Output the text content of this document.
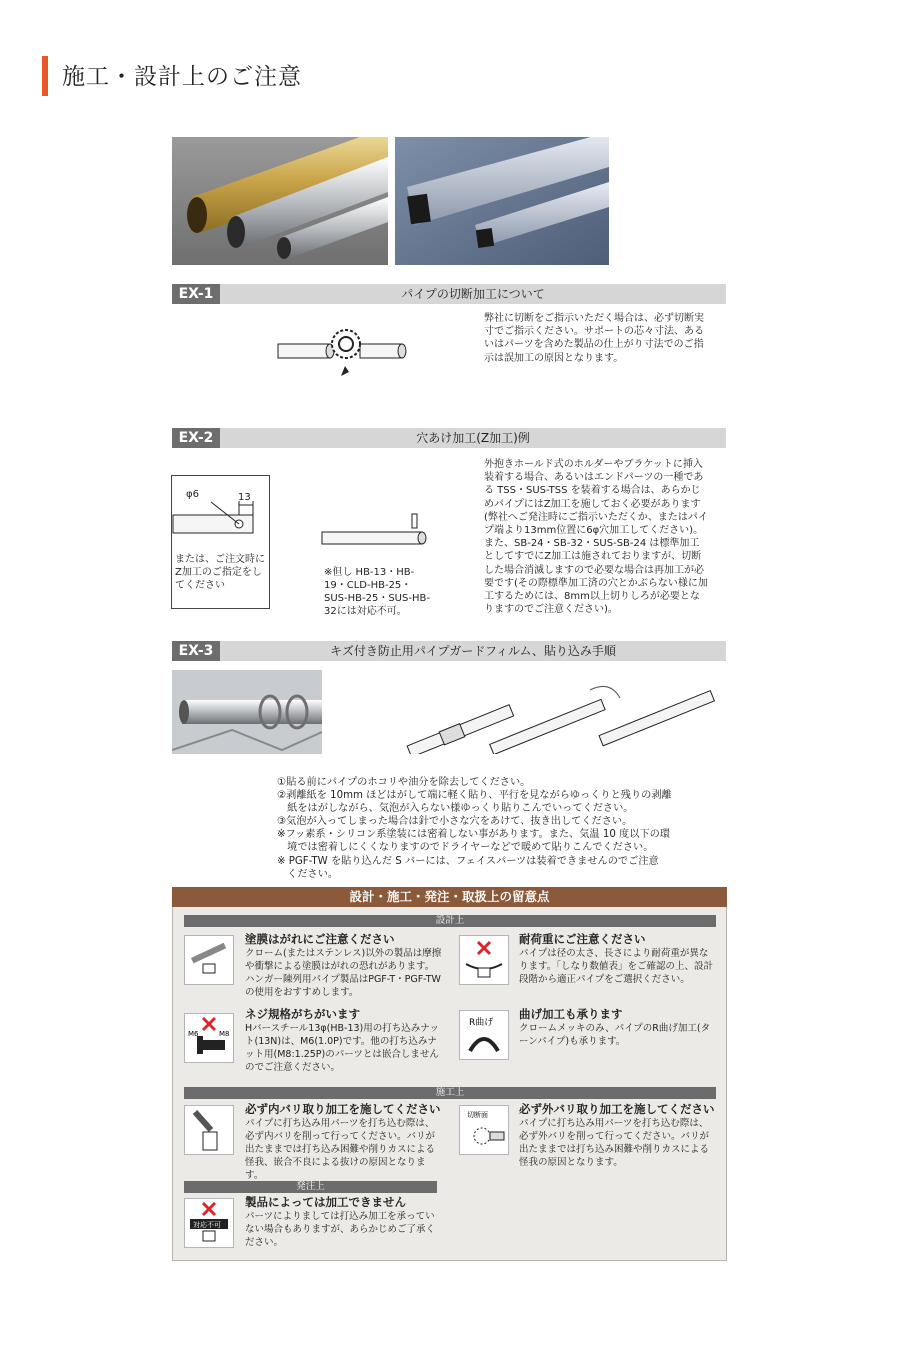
施工・設計上のご注意
EX-1	パイプの切断加工について
弊社に切断をご指示いただく場合は、必ず切断実寸でご指示ください。サポートの芯々寸法、あるいはパーツを含めた製品の仕上がり寸法でのご指示は誤加工の原因となります。
EX-2	穴あけ加工(Z加工)例
φ6	13
または、ご注文時にZ加工のご指定をしてください
※但し HB-13・HB-19・CLD-HB-25・SUS-HB-25・SUS-HB-32には対応不可。
外抱きホールド式のホルダーやブラケットに挿入装着する場合、あるいはエンドパーツの一種である TSS・SUS-TSS を装着する場合は、あらかじめパイプにはZ加工を施しておく必要があります(弊社へご発注時にご指示いただくか、またはパイプ端より13mm位置に6φ穴加工してください)。また、SB-24・SB-32・SUS-SB-24 は標準加工としてすでにZ加工は施されておりますが、切断した場合消滅しますので必要な場合は再加工が必要です(その際標準加工済の穴とかぶらない様に加工するためには、8mm以上切りしろが必要となりますのでご注意ください)。
EX-3	キズ付き防止用パイプガードフィルム、貼り込み手順
①貼る前にパイプのホコリや油分を除去してください。
②剥離紙を 10mm ほどはがして端に軽く貼り、平行を見ながらゆっくりと残りの剥離
　紙をはがしながら、気泡が入らない様ゆっくり貼りこんでいってください。
③気泡が入ってしまった場合は針で小さな穴をあけて、抜き出してください。
※フッ素系・シリコン系塗装には密着しない事があります。また、気温 10 度以下の環
　境では密着しにくくなりますのでドライヤーなどで暖めて貼りこんでください。
※ PGF-TW を貼り込んだ S バーには、フェイスパーツは装着できませんのでご注意
　ください。
設計・施工・発注・取扱上の留意点
設計上
塗膜はがれにご注意ください
クローム(またはステンレス)以外の製品は摩擦や衝撃による塗膜はがれの恐れがあります。ハンガー陳列用パイプ製品はPGF-T・PGF-TWの使用をおすすめします。
耐荷重にご注意ください
パイプは径の太さ、長さにより耐荷重が異なります。「しなり数値表」をご確認の上、設計段階から適正パイプをご選択ください。
M6	M8
ネジ規格がちがいます
Hバースチール13φ(HB-13)用の打ち込みナット(13N)は、M6(1.0P)です。他の打ち込みナット用(M8:1.25P)のパーツとは嵌合しませんのでご注意ください。
R曲げ
曲げ加工も承ります
クロームメッキのみ、パイプのR曲げ加工(ターンパイプ)も承ります。
施工上
必ず内バリ取り加工を施してください
パイプに打ち込み用パーツを打ち込む際は、必ず内バリを削って行ってください。バリが出たままでは打ち込み困難や削りカスによる怪我、嵌合不良による抜けの原因となります。
切断面	必ず外バリ取り加工を施してください
パイプに打ち込み用パーツを打ち込む際は、必ず外バリを削って行ってください。バリが出たままでは打ち込み困難や削りカスによる怪我の原因となります。
発注上
対応不可
製品によっては加工できません
パーツによりましては打込み加工を承っていない場合もありますが、あらかじめご了承ください。
